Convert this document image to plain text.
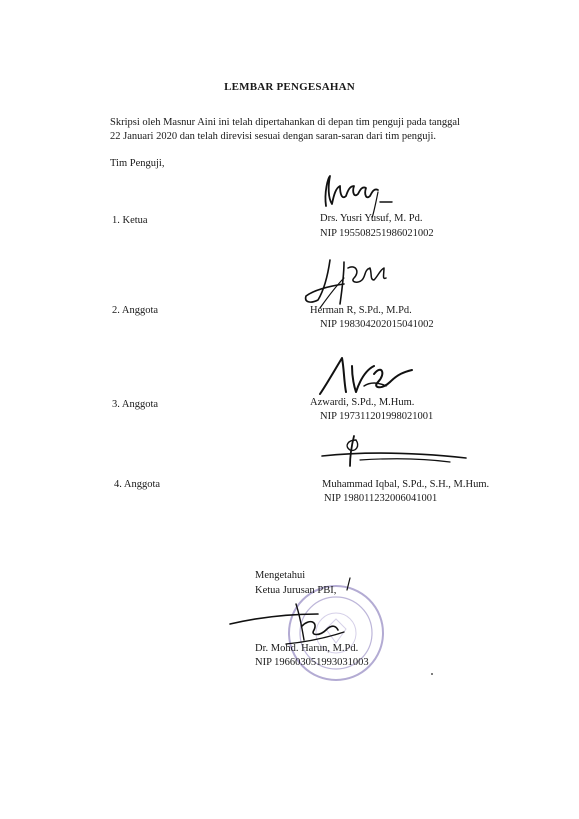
LEMBAR PENGESAHAN
Skripsi oleh Masnur Aini ini telah dipertahankan di depan tim penguji pada tanggal
22 Januari 2020 dan telah direvisi sesuai dengan saran-saran dari tim penguji.
Tim Penguji,
1. Ketua	Drs. Yusri Yusuf, M. Pd.
NIP 195508251986021002
2. Anggota	Herman R, S.Pd., M.Pd.
NIP 198304202015041002
3. Anggota	Azwardi, S.Pd., M.Hum.
NIP 197311201998021001
4. Anggota	Muhammad Iqbal, S.Pd., S.H., M.Hum.
NIP 198011232006041001
Mengetahui
Ketua Jurusan PBI,
Dr. Mohd. Harun, M.Pd.
NIP 196603051993031003
